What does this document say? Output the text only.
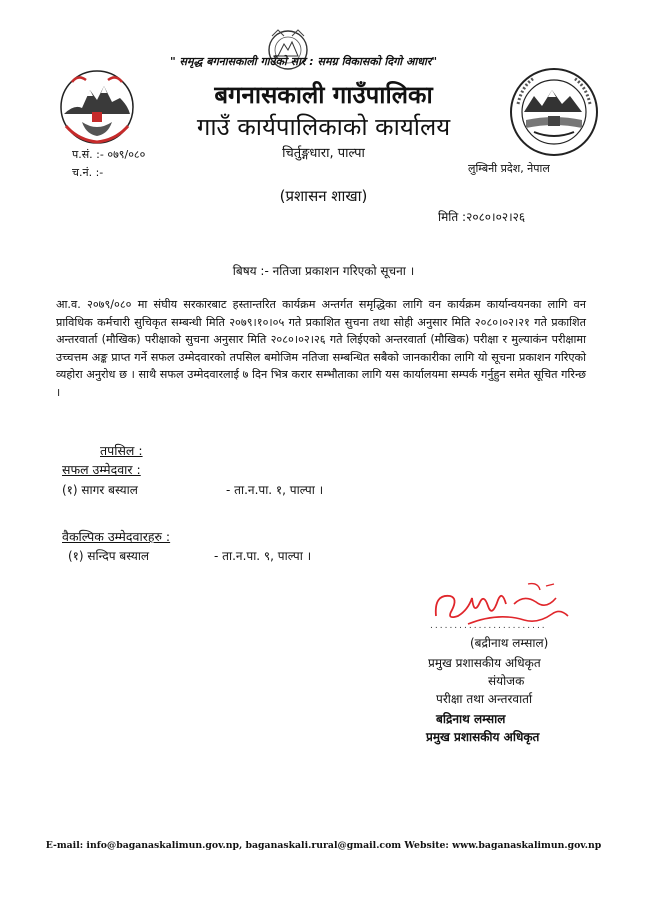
" समृद्ध बगनासकाली गाउँको सार : समग्र विकासको दिगो आधार"
बगनासकाली गाउँपालिका
गाउँ कार्यपालिकाको कार्यालय
चिर्तुङ्गधारा, पाल्पा
प.सं. :- ०७९/०८०
च.नं. :-	लुम्बिनी प्रदेश, नेपाल
(प्रशासन शाखा)
मिति :२०८०।०२।२६
बिषय :- नतिजा प्रकाशन गरिएको सूचना ।
आ.व. २०७९/०८० मा संघीय सरकारबाट हस्तान्तरित कार्यक्रम अन्तर्गत समृद्धिका लागि वन कार्यक्रम कार्यान्वयनका लागि वन प्राविधिक कर्मचारी सुचिकृत सम्बन्धी मिति २०७९।१०।०५ गते प्रकाशित सुचना तथा सोही अनुसार मिति २०८०।०२।२१ गते प्रकाशित अन्तरवार्ता (मौखिक) परीक्षाको सुचना अनुसार मिति २०८०।०२।२६ गते लिईएको अन्तरवार्ता (मौखिक) परीक्षा र मुल्याकंन परीक्षामा उच्चत्तम अङ्क प्राप्त गर्ने सफल उम्मेदवारको तपसिल बमोजिम नतिजा सम्बन्धित सबैको जानकारीका लागि यो सूचना प्रकाशन गरिएको व्यहोरा अनुरोध छ । साथै सफल उम्मेदवारलाई ७ दिन भित्र करार सम्भौताका लागि यस कार्यालयमा सम्पर्क गर्नुहुन समेत सूचित गरिन्छ ।
तपसिल :
सफल उम्मेदवार :
(१) सागर बस्याल	- ता.न.पा. १, पाल्पा ।
वैकल्पिक उम्मेदवारहरु :
(१) सन्दिप बस्याल	- ता.न.पा. ९, पाल्पा ।
........................
(बद्रीनाथ लम्साल)
प्रमुख प्रशासकीय अधिकृत
संयोजक
परीक्षा तथा अन्तरवार्ता
बद्रिनाथ लम्साल
प्रमुख प्रशासकीय अधिकृत
E-mail: info@baganaskalimun.gov.np, baganaskali.rural@gmail.com Website: www.baganaskalimun.gov.np
